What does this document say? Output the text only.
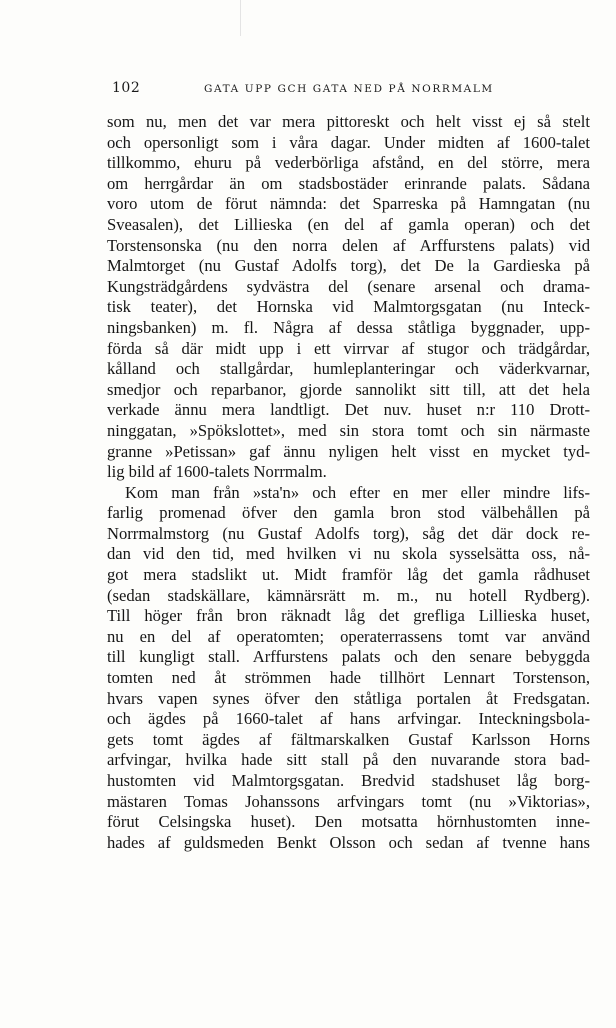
102	GATA UPP GCH GATA NED PÅ NORRMALM
som nu, men det var mera pittoreskt och helt visst ej så stelt
och opersonligt som i våra dagar. Under midten af 1600-talet
tillkommo, ehuru på vederbörliga afstånd, en del större, mera
om herrgårdar än om stadsbostäder erinrande palats. Sådana
voro utom de förut nämnda: det Sparreska på Hamngatan (nu
Sveasalen), det Lillieska (en del af gamla operan) och det
Torstensonska (nu den norra delen af Arffurstens palats) vid
Malmtorget (nu Gustaf Adolfs torg), det De la Gardieska på
Kungsträdgårdens sydvästra del (senare arsenal och drama-
tisk teater), det Hornska vid Malmtorgsgatan (nu Inteck-
ningsbanken) m. fl. Några af dessa ståtliga byggnader, upp-
förda så där midt upp i ett virrvar af stugor och trädgårdar,
kålland och stallgårdar, humleplanteringar och väderkvarnar,
smedjor och reparbanor, gjorde sannolikt sitt till, att det hela
verkade ännu mera landtligt. Det nuv. huset n:r 110 Drott-
ninggatan, »Spökslottet», med sin stora tomt och sin närmaste
granne »Petissan» gaf ännu nyligen helt visst en mycket tyd-
lig bild af 1600-talets Norrmalm.
Kom man från »sta'n» och efter en mer eller mindre lifs-
farlig promenad öfver den gamla bron stod välbehållen på
Norrmalmstorg (nu Gustaf Adolfs torg), såg det där dock re-
dan vid den tid, med hvilken vi nu skola sysselsätta oss, nå-
got mera stadslikt ut. Midt framför låg det gamla rådhuset
(sedan stadskällare, kämnärsrätt m. m., nu hotell Rydberg).
Till höger från bron räknadt låg det grefliga Lillieska huset,
nu en del af operatomten; operaterrassens tomt var använd
till kungligt stall. Arffurstens palats och den senare bebyggda
tomten ned åt strömmen hade tillhört Lennart Torstenson,
hvars vapen synes öfver den ståtliga portalen åt Fredsgatan.
och ägdes på 1660-talet af hans arfvingar. Inteckningsbola-
gets tomt ägdes af fältmarskalken Gustaf Karlsson Horns
arfvingar, hvilka hade sitt stall på den nuvarande stora bad-
hustomten vid Malmtorgsgatan. Bredvid stadshuset låg borg-
mästaren Tomas Johanssons arfvingars tomt (nu »Viktorias»,
förut Celsingska huset). Den motsatta hörnhustomten inne-
hades af guldsmeden Benkt Olsson och sedan af tvenne hans
